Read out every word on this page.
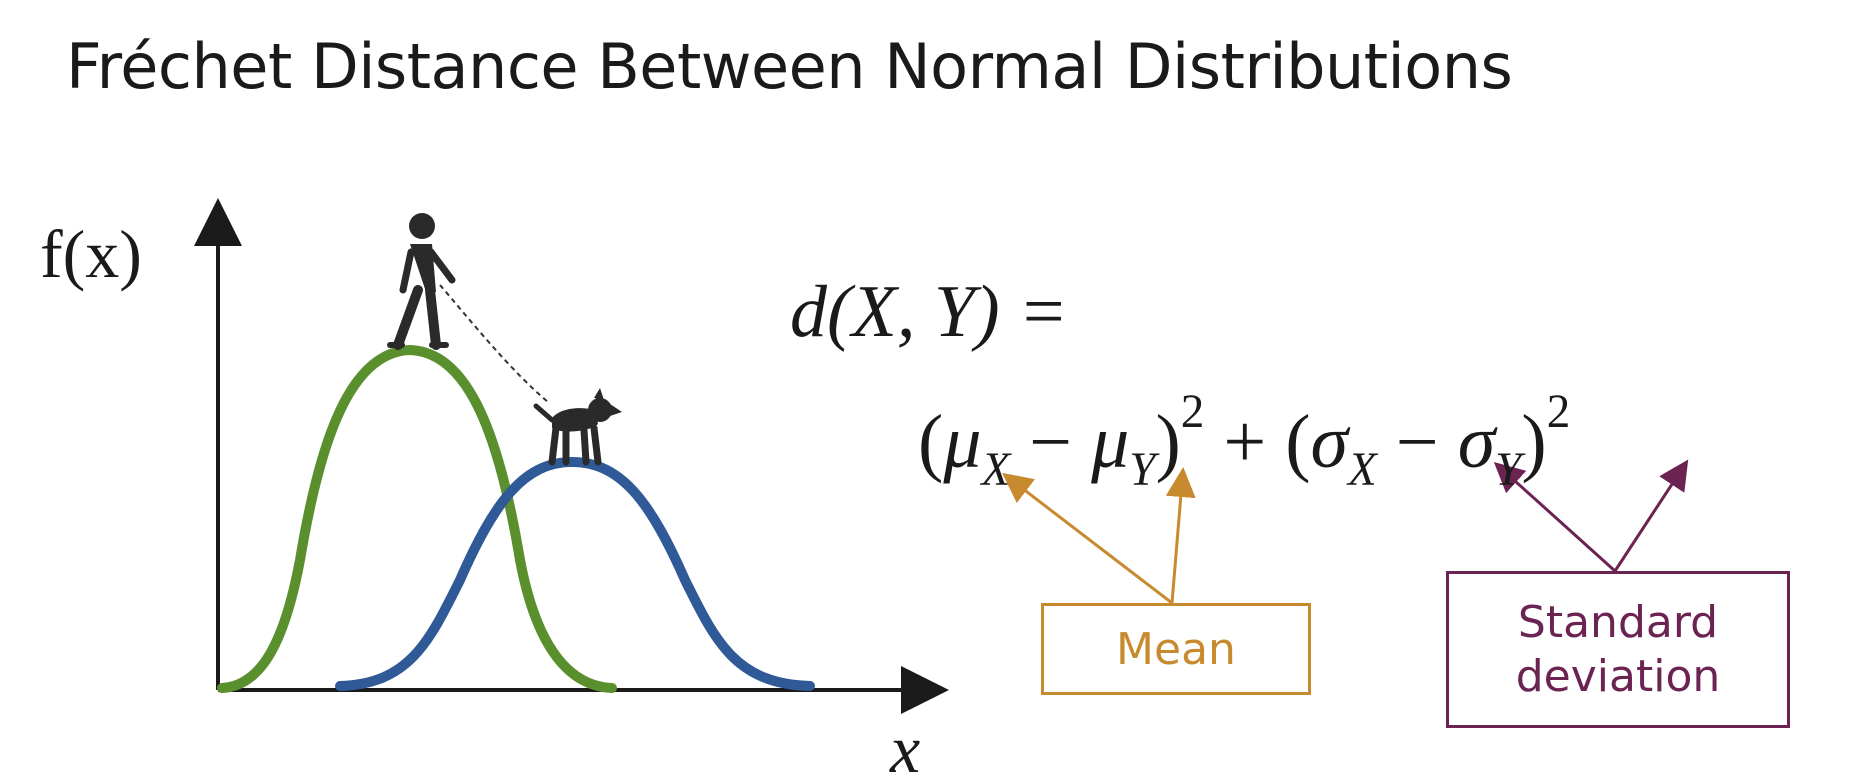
Fréchet Distance Between Normal Distributions
f(x)
x
d(X, Y) =
$(\mu_X - \mu_Y)^2 + (\sigma_X - \sigma_Y)^2$
Mean
Standard
deviation
